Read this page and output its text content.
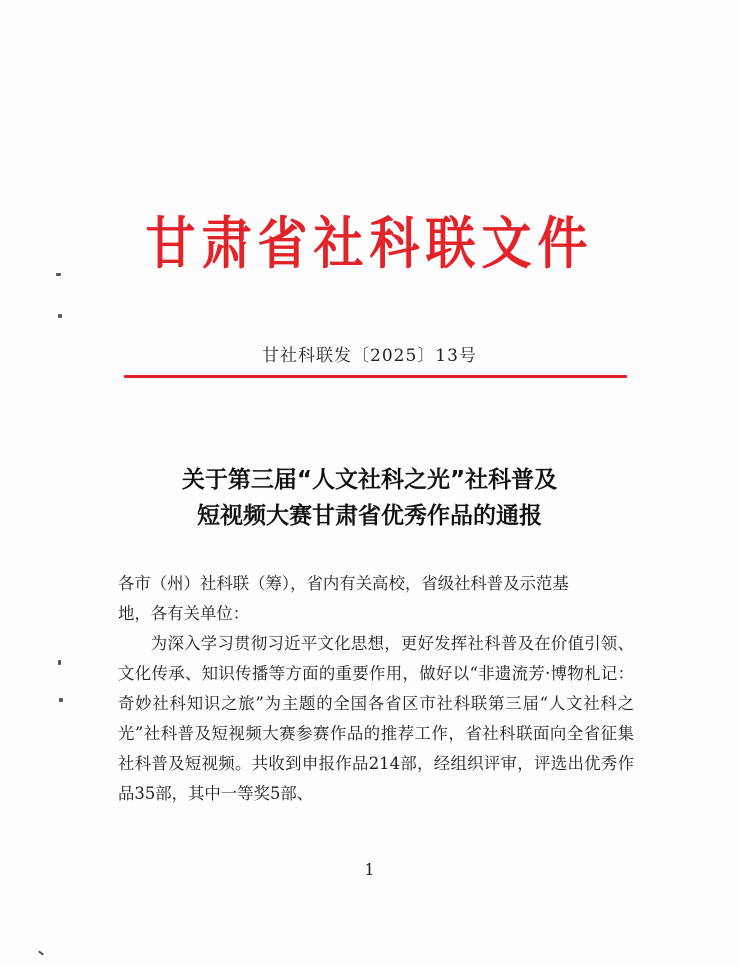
甘肃省社科联文件
甘社科联发〔2025〕13号
关于第三届“人文社科之光”社科普及
短视频大赛甘肃省优秀作品的通报

各市（州）社科联（筹），省内有关高校，省级社科普及示范基

地，各有关单位：

为深入学习贯彻习近平文化思想，更好发挥社科普及在价值引领、文化传承、知识传播等方面的重要作用，做好以“非遗流芳·博物札记：奇妙社科知识之旅”为主题的全国各省区市社科联第三届“人文社科之光”社科普及短视频大赛参赛作品的推荐工作，省社科联面向全省征集社科普及短视频。共收到申报作品214部，经组织评审，评选出优秀作品35部，其中一等奖5部、

1
